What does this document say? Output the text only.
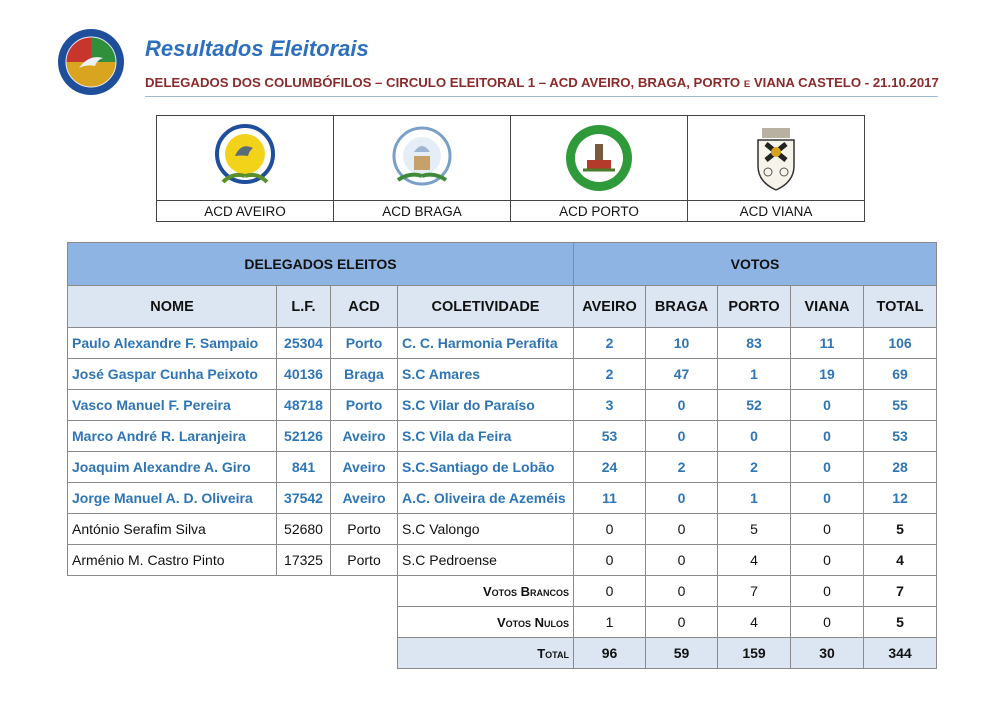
Resultados Eleitorais
DELEGADOS DOS COLUMBÓFILOS – CIRCULO ELEITORAL 1 – ACD AVEIRO, BRAGA, PORTO E VIANA CASTELO - 21.10.2017

ACD AVEIRO	ACD BRAGA	ACD PORTO	ACD VIANA
DELEGADOS ELEITOS				VOTOS				
NOME	L.F.	ACD	COLETIVIDADE	AVEIRO	BRAGA	PORTO	VIANA	TOTAL
Paulo Alexandre F. Sampaio	25304	Porto	C. C. Harmonia Perafita	2	10	83	11	106
José Gaspar Cunha Peixoto	40136	Braga	S.C Amares	2	47	1	19	69
Vasco Manuel F. Pereira	48718	Porto	S.C Vilar do Paraíso	3	0	52	0	55
Marco André R. Laranjeira	52126	Aveiro	S.C Vila da Feira	53	0	0	0	53
Joaquim Alexandre A. Giro	841	Aveiro	S.C.Santiago de Lobão	24	2	2	0	28
Jorge Manuel A. D. Oliveira	37542	Aveiro	A.C. Oliveira de Azeméis	11	0	1	0	12
António Serafim Silva	52680	Porto	S.C Valongo	0	0	5	0	5
Arménio M. Castro Pinto	17325	Porto	S.C Pedroense	0	0	4	0	4
			Votos Brancos	0	0	7	0	7
			Votos Nulos	1	0	4	0	5
			Total	96	59	159	30	344
